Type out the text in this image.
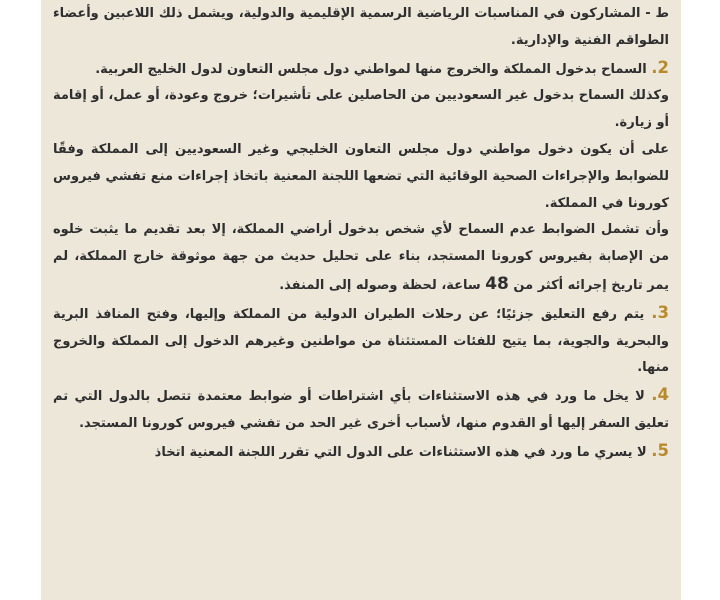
ط - المشاركون في المناسبات الرياضية الرسمية الإقليمية والدولية، ويشمل ذلك اللاعبين وأعضاء الطواقم الفنية والإدارية.

2. السماح بدخول المملكة والخروج منها لمواطني دول مجلس التعاون لدول الخليج العربية.

وكذلك السماح بدخول غير السعوديين من الحاصلين على تأشيرات؛ خروج وعودة، أو عمل، أو إقامة أو زيارة.

على أن يكون دخول مواطني دول مجلس التعاون الخليجي وغير السعوديين إلى المملكة وفقًا للضوابط والإجراءات الصحية الوقائية التي تضعها اللجنة المعنية باتخاذ إجراءات منع تفشي فيروس كورونا في المملكة.

وأن تشمل الضوابط عدم السماح لأي شخص بدخول أراضي المملكة، إلا بعد تقديم ما يثبت خلوه من الإصابة بفيروس كورونا المستجد، بناء على تحليل حديث من جهة موثوقة خارج المملكة، لم يمر تاريخ إجرائه أكثر من 48 ساعة، لحظة وصوله إلى المنفذ.

3. يتم رفع التعليق جزئيًا؛ عن رحلات الطيران الدولية من المملكة وإليها، وفتح المنافذ البرية والبحرية والجوية، بما يتيح للفئات المستثناة من مواطنين وغيرهم الدخول إلى المملكة والخروج منها.

4. لا يخل ما ورد في هذه الاستثناءات بأي اشتراطات أو ضوابط معتمدة تتصل بالدول التي تم تعليق السفر إليها أو القدوم منها، لأسباب أخرى غير الحد من تفشي فيروس كورونا المستجد.

5. لا يسري ما ورد في هذه الاستثناءات على الدول التي تقرر اللجنة المعنية اتخاذ
